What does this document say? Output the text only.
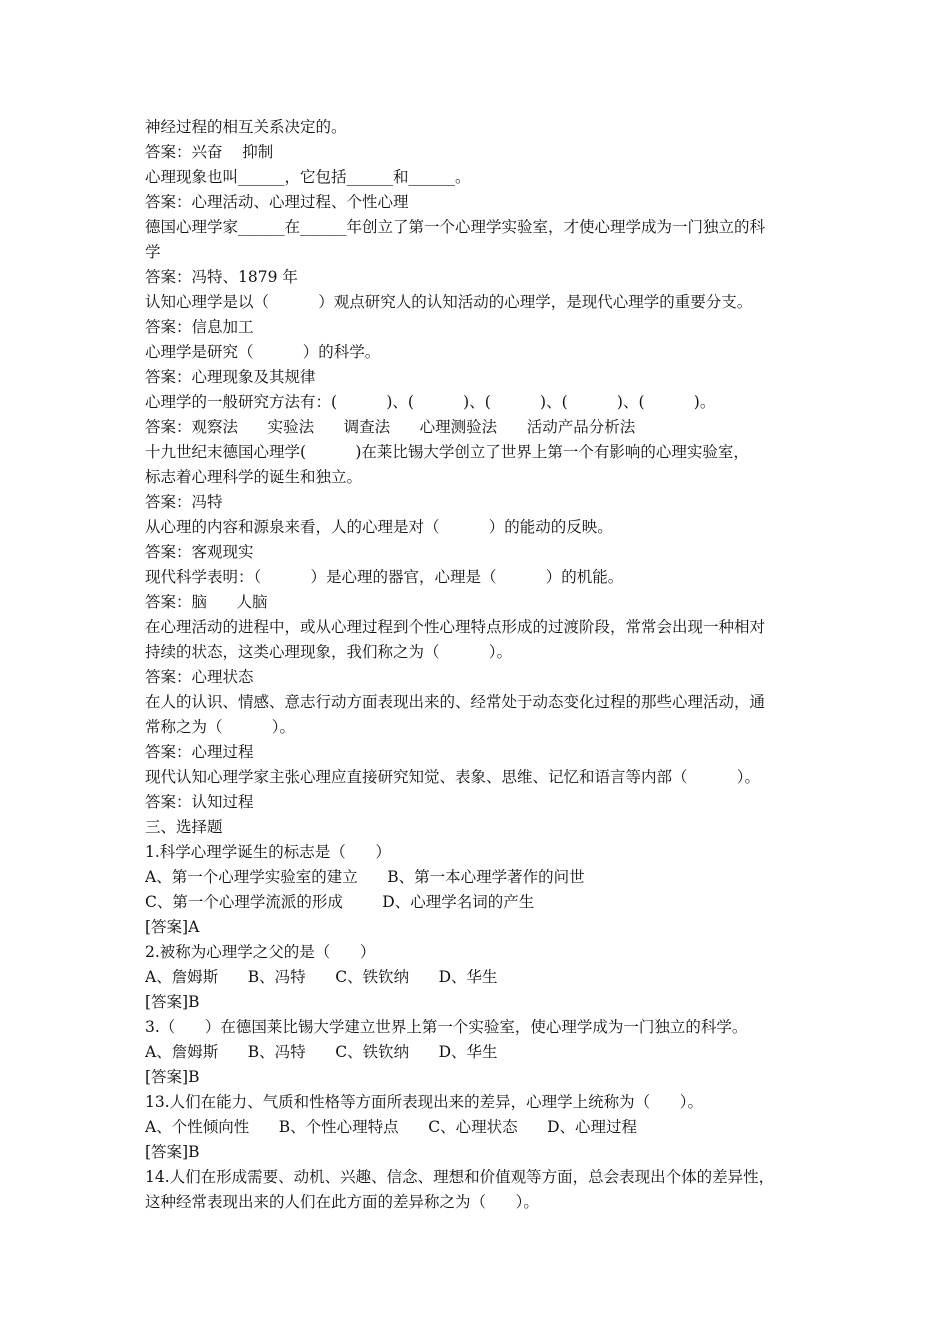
神经过程的相互关系决定的。
答案：兴奋    抑制
心理现象也叫______，它包括______和______。
答案：心理活动、心理过程、个性心理
德国心理学家______在______年创立了第一个心理学实验室，才使心理学成为一门独立的科
学
答案：冯特、1879 年
认知心理学是以（          ）观点研究人的认知活动的心理学，是现代心理学的重要分支。
答案：信息加工
心理学是研究（          ）的科学。
答案：心理现象及其规律
心理学的一般研究方法有：(          )、(          )、(          )、(          )、(          )。
答案：观察法      实验法      调查法      心理测验法      活动产品分析法
十九世纪末德国心理学(          )在莱比锡大学创立了世界上第一个有影响的心理实验室，
标志着心理科学的诞生和独立。
答案：冯特
从心理的内容和源泉来看，人的心理是对（          ）的能动的反映。
答案：客观现实
现代科学表明：（          ）是心理的器官，心理是（          ）的机能。
答案：脑      人脑
在心理活动的进程中，或从心理过程到个性心理特点形成的过渡阶段，常常会出现一种相对
持续的状态，这类心理现象，我们称之为（          ）。
答案：心理状态
在人的认识、情感、意志行动方面表现出来的、经常处于动态变化过程的那些心理活动，通
常称之为（          ）。
答案：心理过程
现代认知心理学家主张心理应直接研究知觉、表象、思维、记忆和语言等内部（          ）。
答案：认知过程
三、选择题
1.科学心理学诞生的标志是（      ）
A、第一个心理学实验室的建立      B、第一本心理学著作的问世
C、第一个心理学流派的形成        D、心理学名词的产生
[答案]A
2.被称为心理学之父的是（      ）
A、詹姆斯      B、冯特      C、铁钦纳      D、华生
[答案]B
3.（      ）在德国莱比锡大学建立世界上第一个实验室，使心理学成为一门独立的科学。
A、詹姆斯      B、冯特      C、铁钦纳      D、华生
[答案]B
13.人们在能力、气质和性格等方面所表现出来的差异，心理学上统称为（      ）。
A、个性倾向性      B、个性心理特点      C、心理状态      D、心理过程
[答案]B
14.人们在形成需要、动机、兴趣、信念、理想和价值观等方面，总会表现出个体的差异性，
这种经常表现出来的人们在此方面的差异称之为（      ）。
